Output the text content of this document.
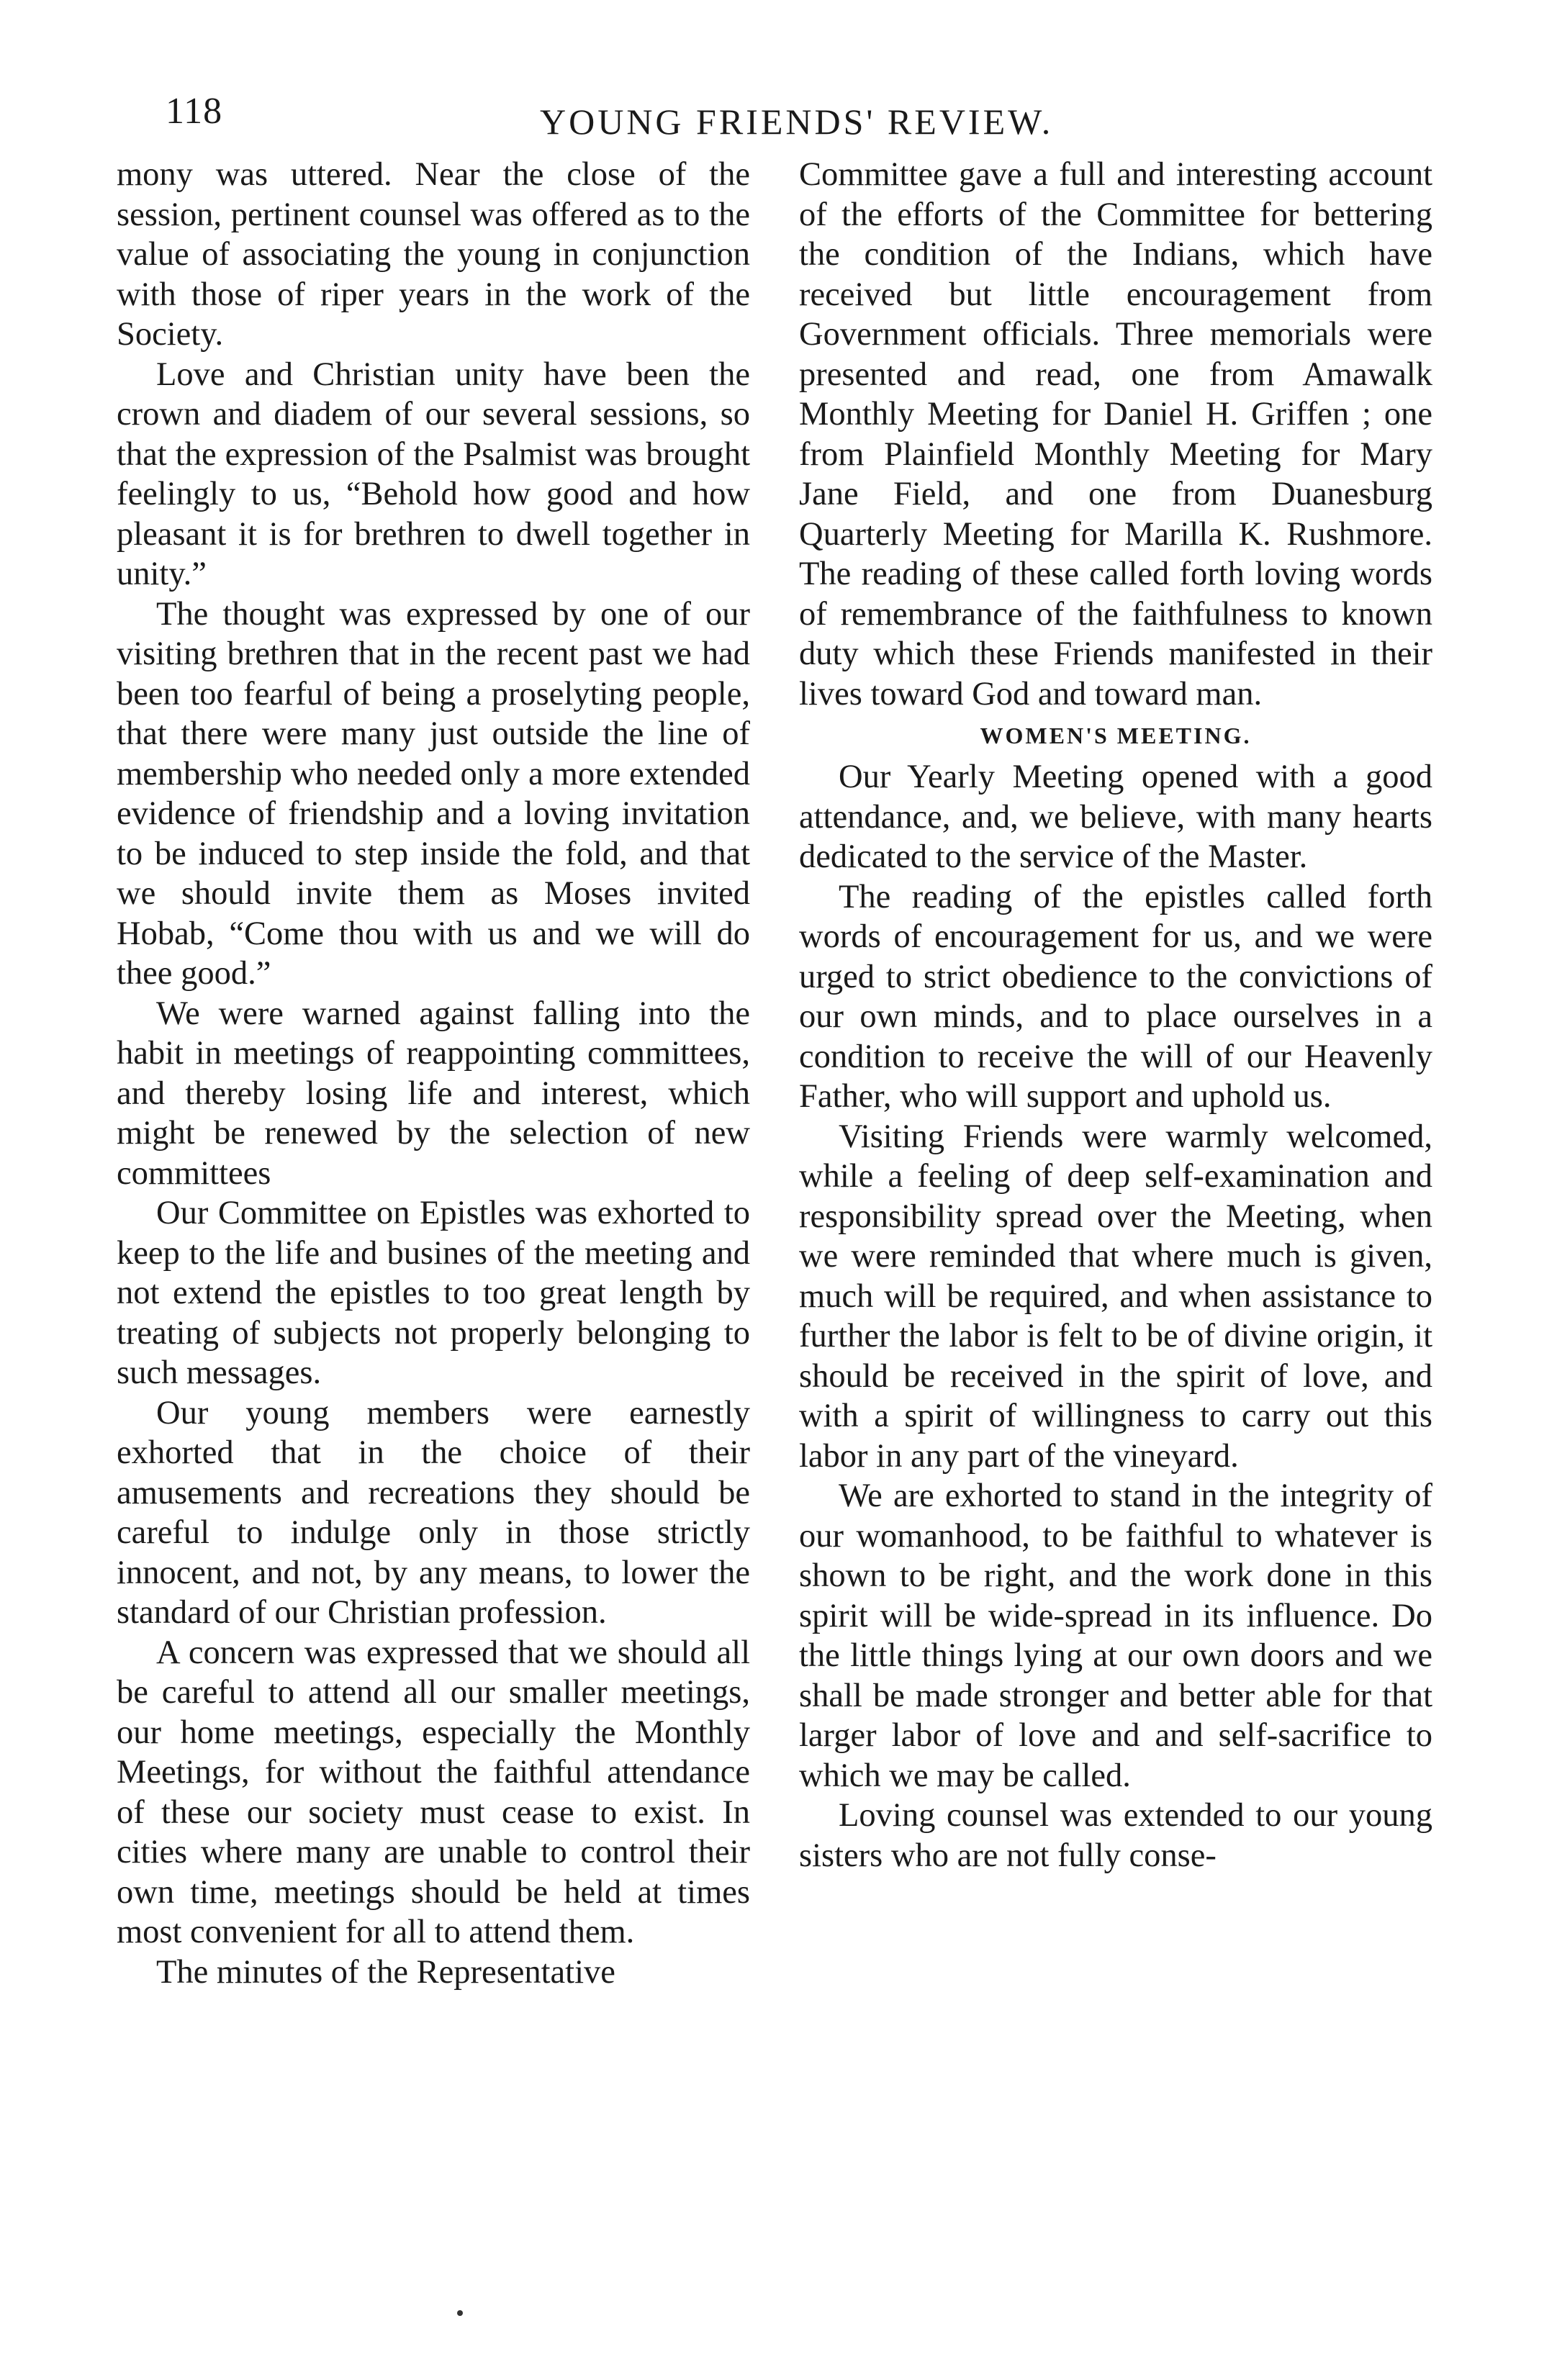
118	YOUNG FRIENDS' REVIEW.

mony was uttered. Near the close of the session, pertinent counsel was offered as to the value of associating the young in conjunction with those of riper years in the work of the Society.

Love and Christian unity have been the crown and diadem of our several sessions, so that the expression of the Psalmist was brought feelingly to us, “Behold how good and how pleasant it is for brethren to dwell together in unity.”

The thought was expressed by one of our visiting brethren that in the recent past we had been too fearful of being a proselyting people, that there were many just outside the line of membership who needed only a more extended evidence of friendship and a loving invitation to be induced to step inside the fold, and that we should invite them as Moses invited Hobab, “Come thou with us and we will do thee good.”

We were warned against falling into the habit in meetings of reappointing committees, and thereby losing life and interest, which might be renewed by the selection of new committees

Our Committee on Epistles was exhorted to keep to the life and busines of the meeting and not extend the epistles to too great length by treating of subjects not properly belonging to such messages.

Our young members were earnestly exhorted that in the choice of their amusements and recreations they should be careful to indulge only in those strictly innocent, and not, by any means, to lower the standard of our Christian profession.

A concern was expressed that we should all be careful to attend all our smaller meetings, our home meetings, especially the Monthly Meetings, for without the faithful attendance of these our society must cease to exist. In cities where many are unable to control their own time, meetings should be held at times most convenient for all to attend them.

The minutes of the Representative

Committee gave a full and interesting account of the efforts of the Committee for bettering the condition of the Indians, which have received but little encouragement from Government officials. Three memorials were presented and read, one from Amawalk Monthly Meeting for Daniel H. Griffen ; one from Plainfield Monthly Meeting for Mary Jane Field, and one from Duanesburg Quarterly Meeting for Marilla K. Rushmore. The reading of these called forth loving words of remembrance of the faithfulness to known duty which these Friends manifested in their lives toward God and toward man.

WOMEN'S MEETING.

Our Yearly Meeting opened with a good attendance, and, we believe, with many hearts dedicated to the service of the Master.

The reading of the epistles called forth words of encouragement for us, and we were urged to strict obedience to the convictions of our own minds, and to place ourselves in a condition to receive the will of our Heavenly Father, who will support and uphold us.

Visiting Friends were warmly welcomed, while a feeling of deep self-examination and responsibility spread over the Meeting, when we were reminded that where much is given, much will be required, and when assistance to further the labor is felt to be of divine origin, it should be received in the spirit of love, and with a spirit of willingness to carry out this labor in any part of the vineyard.

We are exhorted to stand in the integrity of our womanhood, to be faithful to whatever is shown to be right, and the work done in this spirit will be wide-spread in its influence. Do the little things lying at our own doors and we shall be made stronger and better able for that larger labor of love and and self-sacrifice to which we may be called.

Loving counsel was extended to our young sisters who are not fully conse-
